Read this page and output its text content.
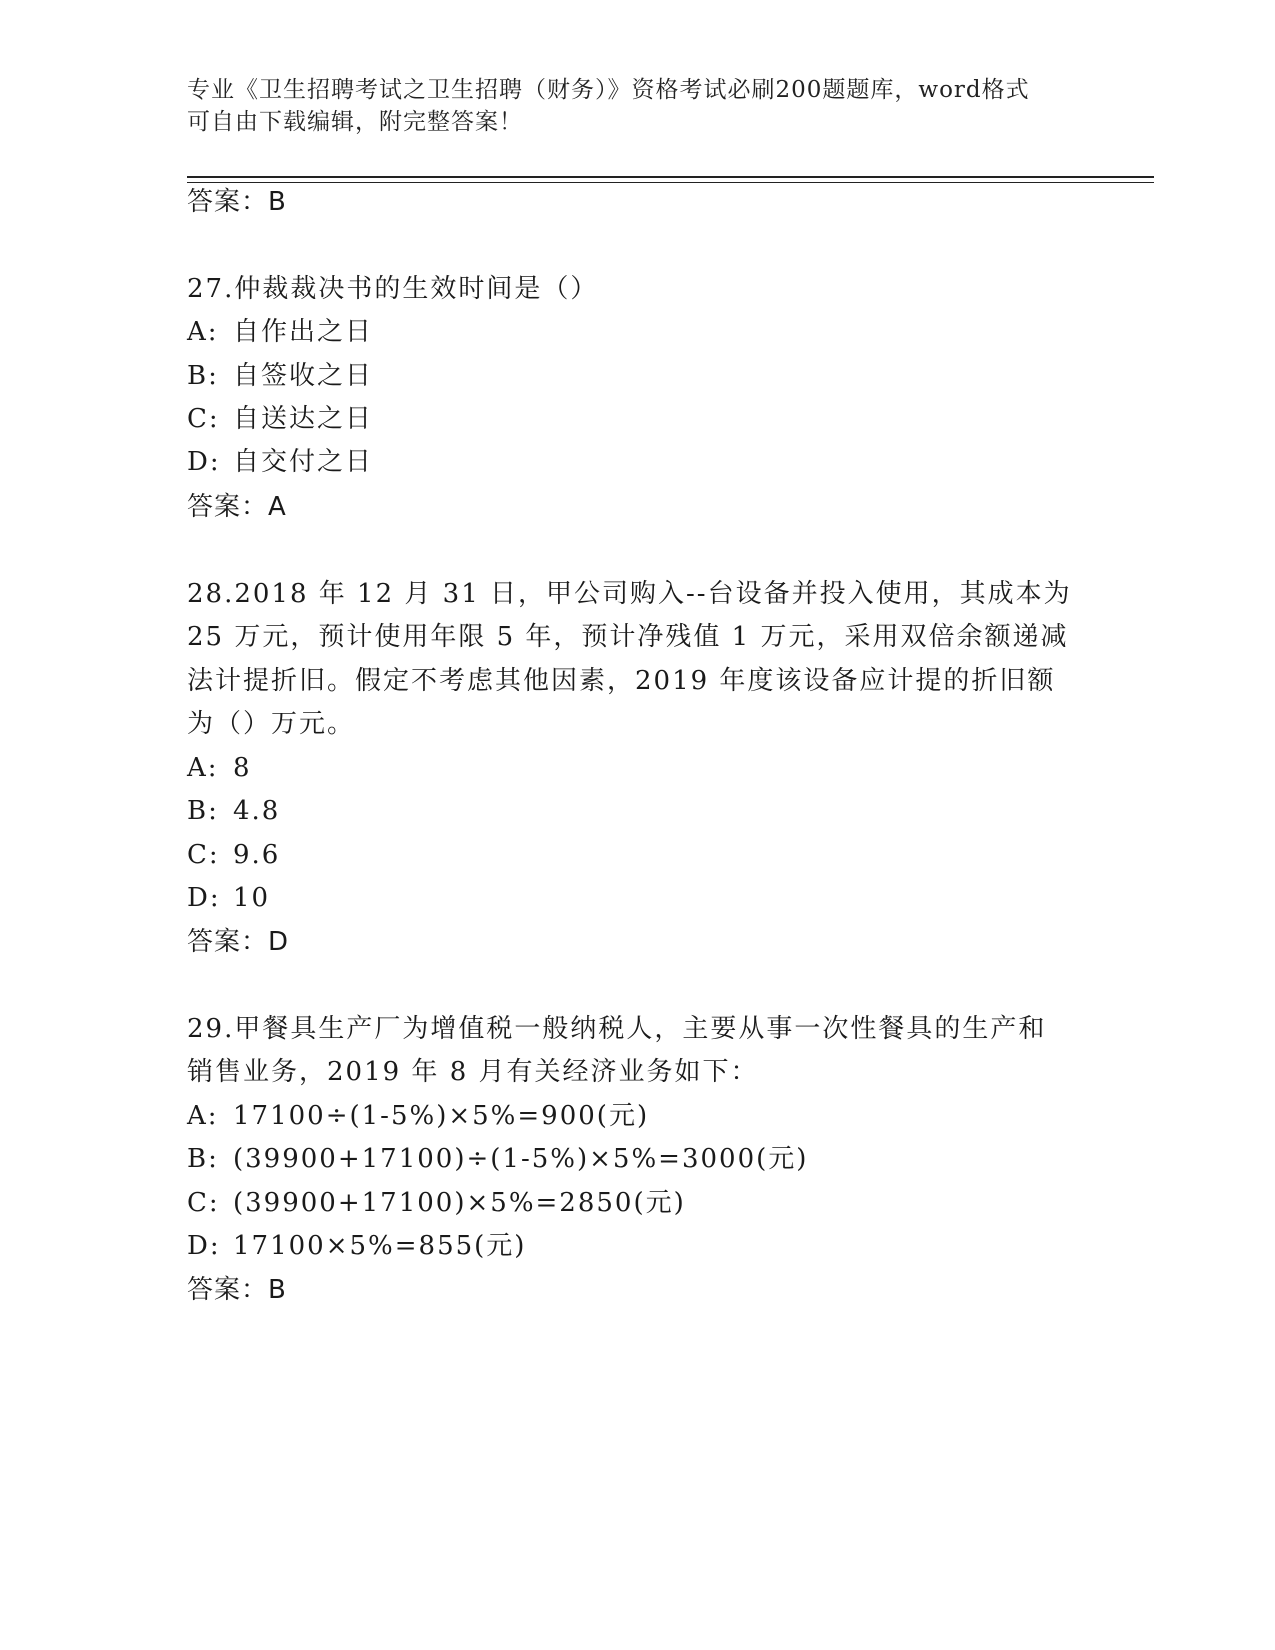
专业《卫生招聘考试之卫生招聘（财务）》资格考试必刷200题题库，word格式
可自由下载编辑，附完整答案！
答案：B
27.仲裁裁决书的生效时间是（）
A: 自作出之日
B: 自签收之日
C: 自送达之日
D: 自交付之日
答案：A
28.2018 年 12 月 31 日，甲公司购入--台设备并投入使用，其成本为
25 万元，预计使用年限 5 年，预计净残值 1 万元，采用双倍余额递减
法计提折旧。假定不考虑其他因素，2019 年度该设备应计提的折旧额
为（）万元。
A: 8
B: 4.8
C: 9.6
D: 10
答案：D
29.甲餐具生产厂为增值税一般纳税人，主要从事一次性餐具的生产和
销售业务，2019 年 8 月有关经济业务如下：
A: 17100÷(1-5%)×5%=900(元)
B: (39900+17100)÷(1-5%)×5%=3000(元)
C: (39900+17100)×5%=2850(元)
D: 17100×5%=855(元)
答案：B
